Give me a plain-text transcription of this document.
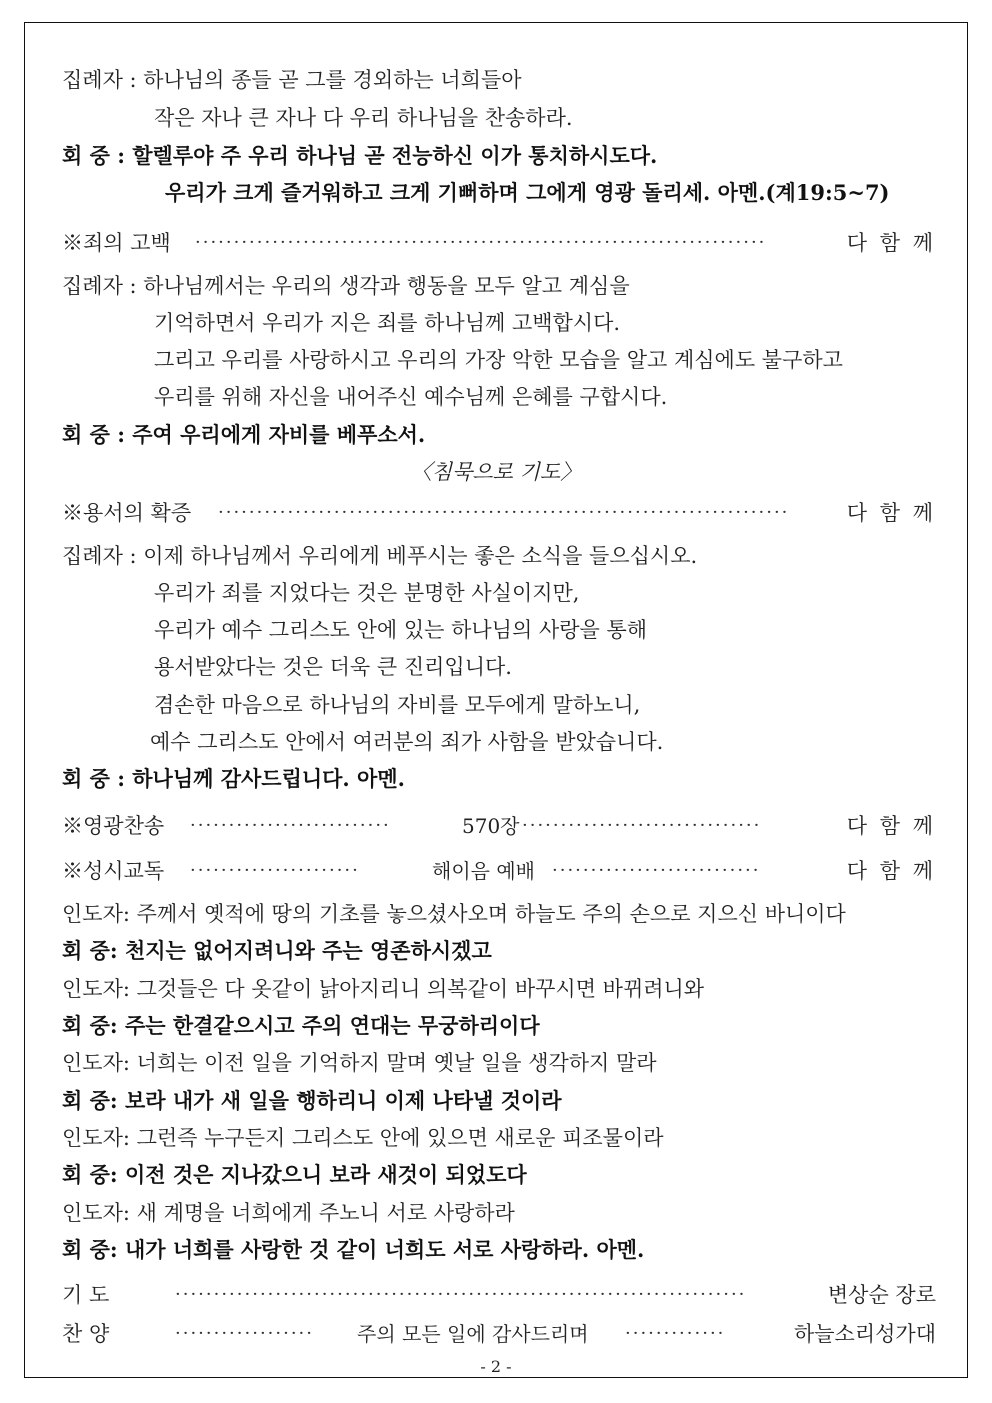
집례자 : 하나님의 종들 곧 그를 경외하는 너희들아
작은 자나 큰 자나 다 우리 하나님을 찬송하라.
회 중 : 할렐루야 주 우리 하나님 곧 전능하신 이가 통치하시도다.
우리가 크게 즐거워하고 크게 기뻐하며 그에게 영광 돌리세. 아멘.(계19:5~7)
※죄의 고백 ··········································································	다 함 께
집례자 : 하나님께서는 우리의 생각과 행동을 모두 알고 계심을
기억하면서 우리가 지은 죄를 하나님께 고백합시다.
그리고 우리를 사랑하시고 우리의 가장 악한 모습을 알고 계심에도 불구하고
우리를 위해 자신을 내어주신 예수님께 은혜를 구합시다.
회 중 : 주여 우리에게 자비를 베푸소서.
〈침묵으로 기도〉
※용서의 확증 ··········································································	다 함 께
집례자 : 이제 하나님께서 우리에게 베푸시는 좋은 소식을 들으십시오.
우리가 죄를 지었다는 것은 분명한 사실이지만,
우리가 예수 그리스도 안에 있는 하나님의 사랑을 통해
용서받았다는 것은 더욱 큰 진리입니다.
겸손한 마음으로 하나님의 자비를 모두에게 말하노니,
예수 그리스도 안에서 여러분의 죄가 사함을 받았습니다.
회 중 : 하나님께 감사드립니다. 아멘.
※영광찬송 ··························	570장 ·······························	다 함 께
※성시교독 ······················	해이음 예배 ···························	다 함 께
인도자: 주께서 옛적에 땅의 기초를 놓으셨사오며 하늘도 주의 손으로 지으신 바니이다
회 중: 천지는 없어지려니와 주는 영존하시겠고
인도자: 그것들은 다 옷같이 낡아지리니 의복같이 바꾸시면 바뀌려니와
회 중: 주는 한결같으시고 주의 연대는 무궁하리이다
인도자: 너희는 이전 일을 기억하지 말며 옛날 일을 생각하지 말라
회 중: 보라 내가 새 일을 행하리니 이제 나타낼 것이라
인도자: 그런즉 누구든지 그리스도 안에 있으면 새로운 피조물이라
회 중: 이전 것은 지나갔으니 보라 새것이 되었도다
인도자: 새 계명을 너희에게 주노니 서로 사랑하라
회 중: 내가 너희를 사랑한 것 같이 너희도 서로 사랑하라. 아멘.
기 도	··········································································	변상순 장로
찬 양	··················	주의 모든 일에 감사드리며 ·············	하늘소리성가대
- 2 -
